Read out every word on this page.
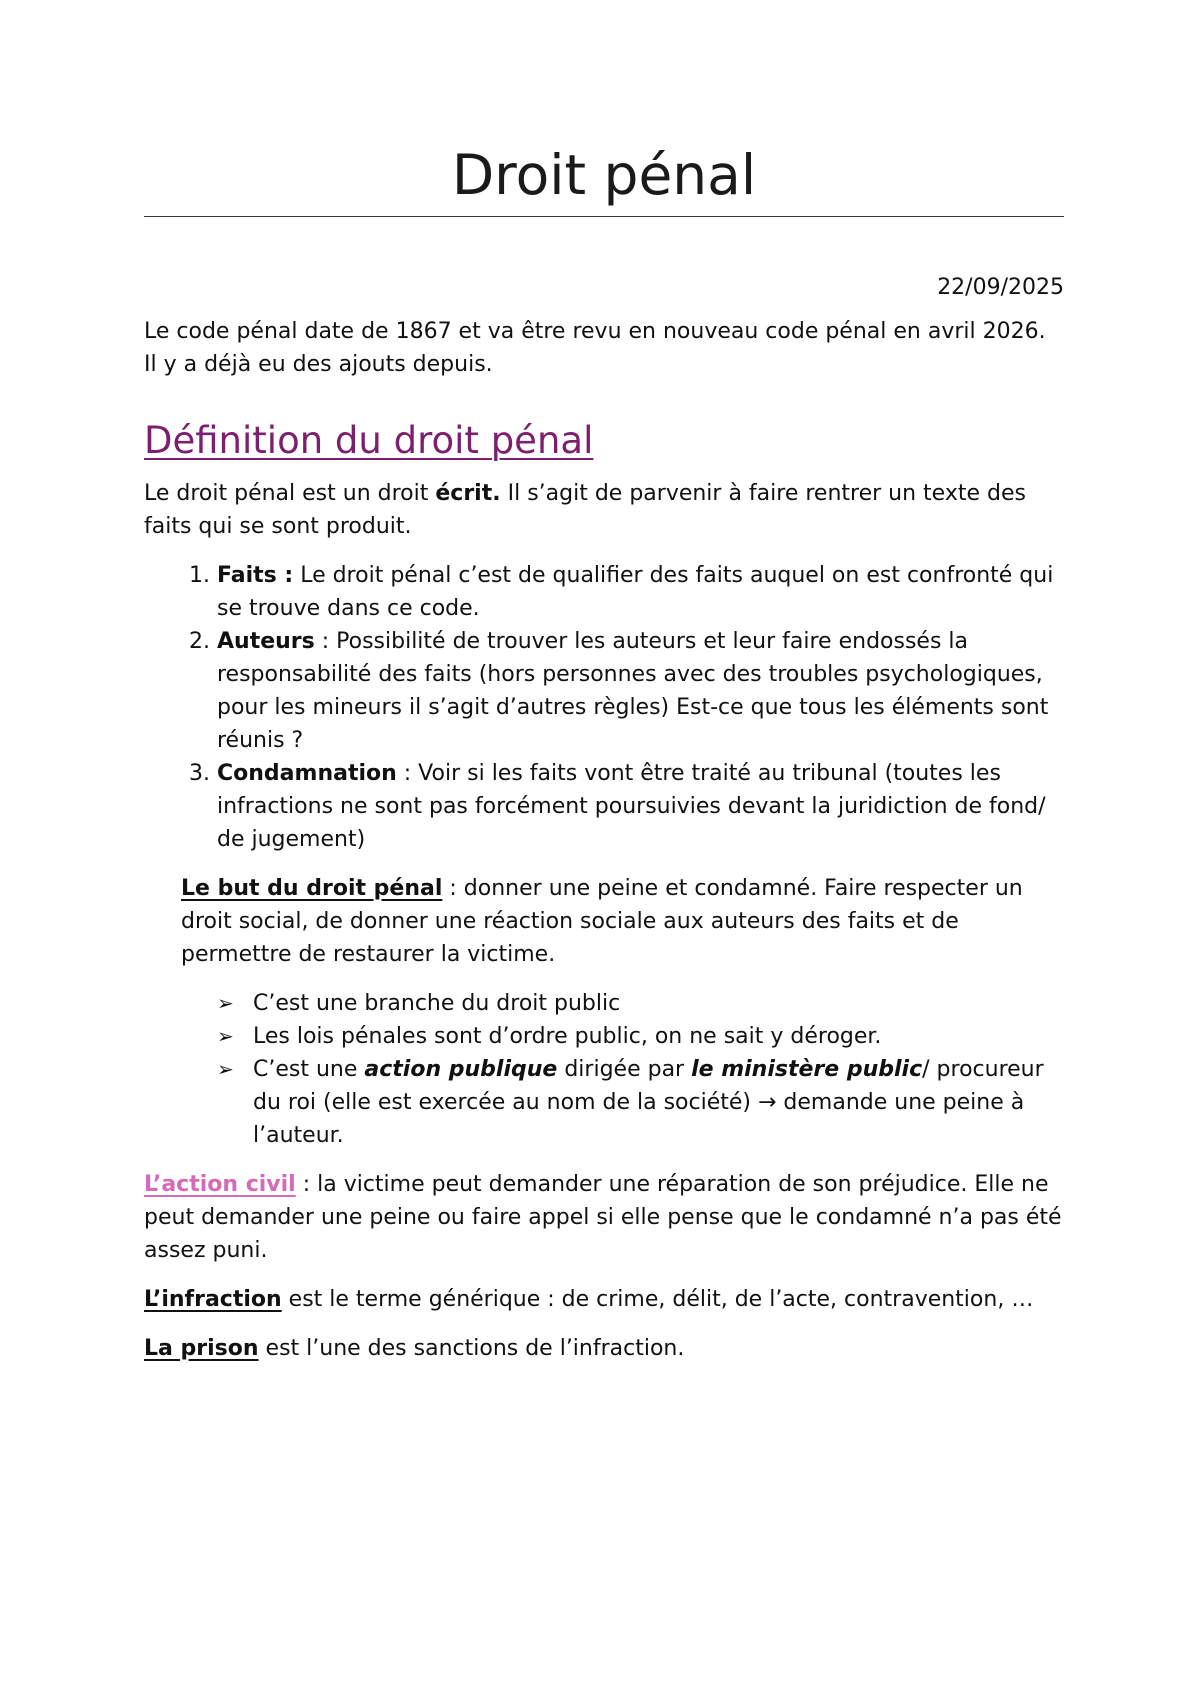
Droit pénal

22/09/2025

Le code pénal date de 1867 et va être revu en nouveau code pénal en avril 2026. Il y a déjà eu des ajouts depuis.

Définition du droit pénal

Le droit pénal est un droit écrit. Il s’agit de parvenir à faire rentrer un texte des faits qui se sont produit.

1. Faits : Le droit pénal c’est de qualifier des faits auquel on est confronté qui se trouve dans ce code.
2. Auteurs : Possibilité de trouver les auteurs et leur faire endossés la responsabilité des faits (hors personnes avec des troubles psychologiques, pour les mineurs il s’agit d’autres règles) Est-ce que tous les éléments sont réunis ?
3. Condamnation : Voir si les faits vont être traité au tribunal (toutes les infractions ne sont pas forcément poursuivies devant la juridiction de fond/ de jugement)

Le but du droit pénal : donner une peine et condamné. Faire respecter un droit social, de donner une réaction sociale aux auteurs des faits et de permettre de restaurer la victime.

➢ C’est une branche du droit public
➢ Les lois pénales sont d’ordre public, on ne sait y déroger.
➢ C’est une action publique dirigée par le ministère public/ procureur du roi (elle est exercée au nom de la société) → demande une peine à l’auteur.

L’action civil : la victime peut demander une réparation de son préjudice. Elle ne peut demander une peine ou faire appel si elle pense que le condamné n’a pas été assez puni.

L’infraction est le terme générique : de crime, délit, de l’acte, contravention, …

La prison est l’une des sanctions de l’infraction.
